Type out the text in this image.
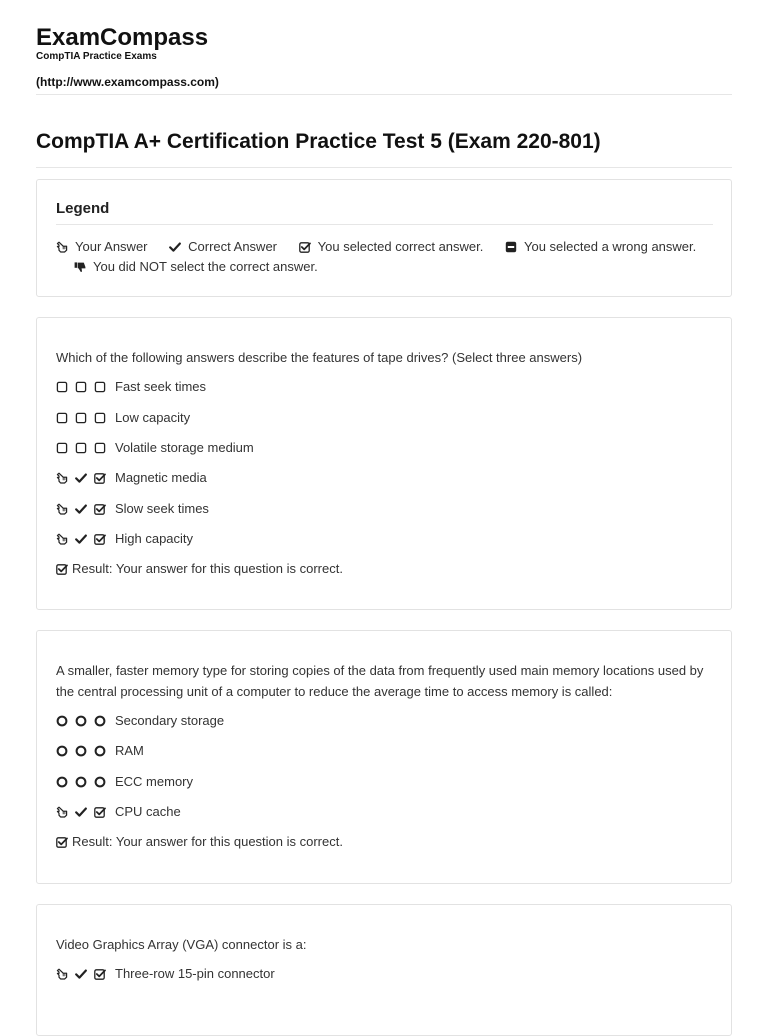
ExamCompass
CompTIA Practice Exams
(http://www.examcompass.com)
CompTIA A+ Certification Practice Test 5 (Exam 220-801)
Legend
Your Answer	Correct Answer	You selected correct answer.	You selected a wrong answer.
You did NOT select the correct answer.
Which of the following answers describe the features of tape drives? (Select three answers)
Fast seek times
Low capacity
Volatile storage medium
Magnetic media
Slow seek times
High capacity
Result: Your answer for this question is correct.
A smaller, faster memory type for storing copies of the data from frequently used main memory locations used by the central processing unit of a computer to reduce the average time to access memory is called:
Secondary storage
RAM
ECC memory
CPU cache
Result: Your answer for this question is correct.
Video Graphics Array (VGA) connector is a:
Three-row 15-pin connector
